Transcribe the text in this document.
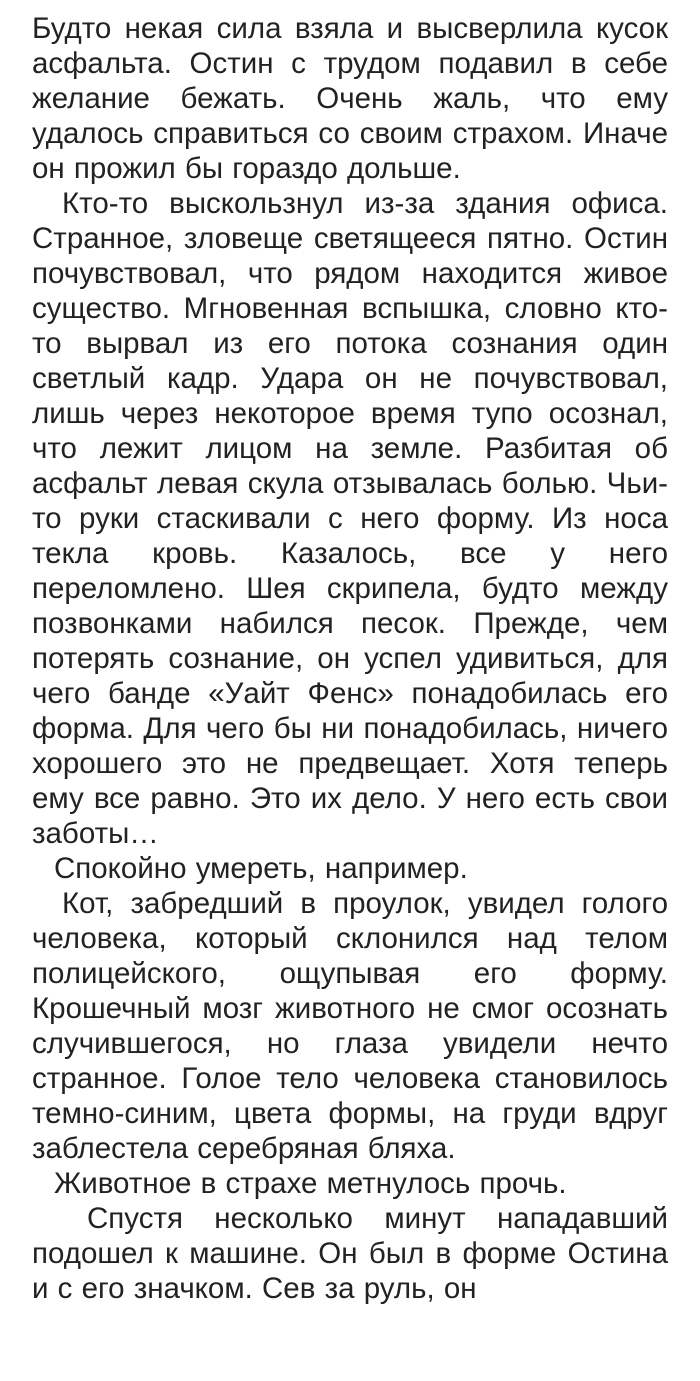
Будто некая сила взяла и высверлила кусок асфальта. Остин с трудом подавил в себе желание бежать. Очень жаль, что ему удалось справиться со своим страхом. Иначе он прожил бы гораздо дольше.

Кто-то выскользнул из-за здания офиса. Странное, зловеще светящееся пятно. Остин почувствовал, что рядом находится живое существо. Мгновенная вспышка, словно кто-то вырвал из его потока сознания один светлый кадр. Удара он не почувствовал, лишь через некоторое время тупо осознал, что лежит лицом на земле. Разбитая об асфальт левая скула отзывалась болью. Чьи-то руки стаскивали с него форму. Из носа текла кровь. Казалось, все у него переломлено. Шея скрипела, будто между позвонками набился песок. Прежде, чем потерять сознание, он успел удивиться, для чего банде «Уайт Фенс» понадобилась его форма. Для чего бы ни понадобилась, ничего хорошего это не предвещает. Хотя теперь ему все равно. Это их дело. У него есть свои заботы…

Спокойно умереть, например.

Кот, забредший в проулок, увидел голого человека, который склонился над телом полицейского, ощупывая его форму. Крошечный мозг животного не смог осознать случившегося, но глаза увидели нечто странное. Голое тело человека становилось темно-синим, цвета формы, на груди вдруг заблестела серебряная бляха.

Животное в страхе метнулось прочь.

Спустя несколько минут нападавший подошел к машине. Он был в форме Остина и с его значком. Сев за руль, он
